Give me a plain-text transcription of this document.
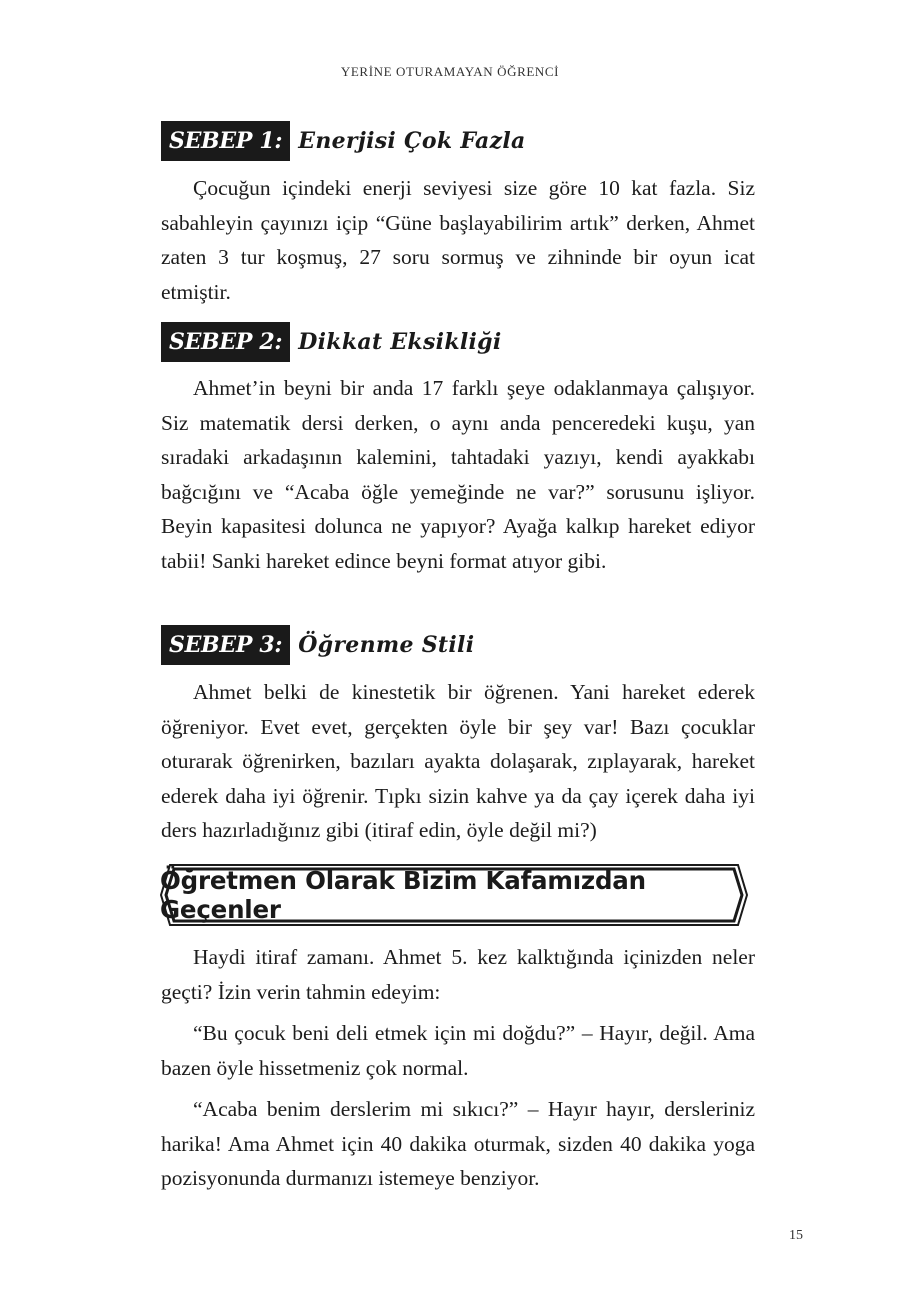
YERİNE OTURAMAYAN ÖĞRENCİ
SEBEP 1: Enerjisi Çok Fazla

Çocuğun içindeki enerji seviyesi size göre 10 kat fazla. Siz sabahleyin çayınızı içip “Güne başlayabilirim artık” derken, Ahmet zaten 3 tur koşmuş, 27 soru sormuş ve zihninde bir oyun icat etmiştir.

SEBEP 2: Dikkat Eksikliği

Ahmet’in beyni bir anda 17 farklı şeye odaklanmaya çalışıyor. Siz matematik dersi derken, o aynı anda penceredeki kuşu, yan sıradaki arkadaşının kalemini, tahtadaki yazıyı, kendi ayakkabı bağcığını ve “Acaba öğle yemeğinde ne var?” sorusunu işliyor. Beyin kapasitesi dolunca ne yapıyor? Ayağa kalkıp hareket ediyor tabii! Sanki hareket edince beyni format atıyor gibi.

SEBEP 3: Öğrenme Stili

Ahmet belki de kinestetik bir öğrenen. Yani hareket ederek öğreniyor. Evet evet, gerçekten öyle bir şey var! Bazı çocuklar oturarak öğrenirken, bazıları ayakta dolaşarak, zıplayarak, hareket ederek daha iyi öğrenir. Tıpkı sizin kahve ya da çay içerek daha iyi ders hazırladığınız gibi (itiraf edin, öyle değil mi?)

Öğretmen Olarak Bizim Kafamızdan Geçenler

Haydi itiraf zamanı. Ahmet 5. kez kalktığında içinizden neler geçti? İzin verin tahmin edeyim:

“Bu çocuk beni deli etmek için mi doğdu?” – Hayır, değil. Ama bazen öyle hissetmeniz çok normal.

“Acaba benim derslerim mi sıkıcı?” – Hayır hayır, dersleriniz harika! Ama Ahmet için 40 dakika oturmak, sizden 40 dakika yoga pozisyonunda durmanızı istemeye benziyor.

15
